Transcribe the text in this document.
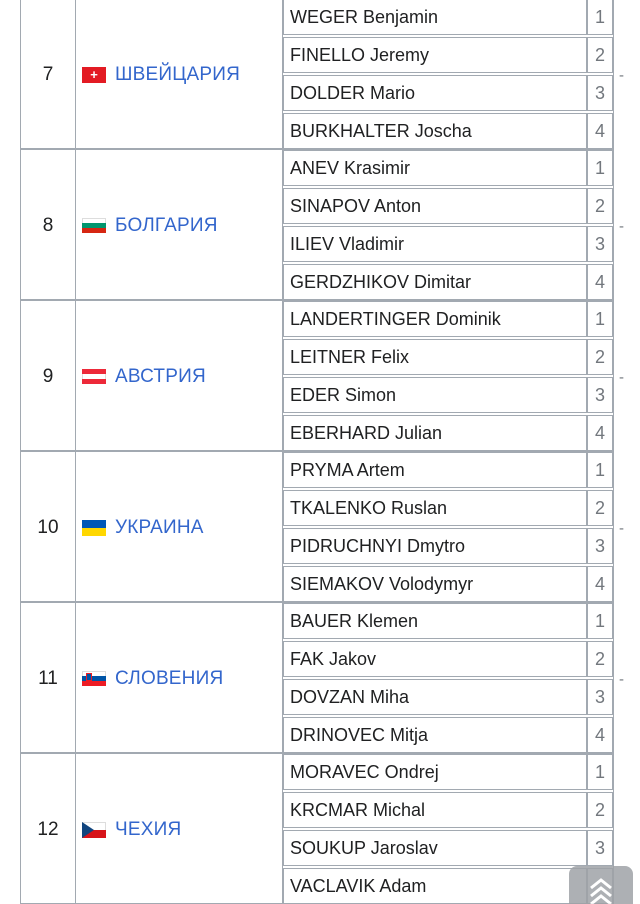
7	+ ШВЕЙЦАРИЯ
WEGER Benjamin	1
FINELLO Jeremy	2
DOLDER Mario	3
BURKHALTER Joscha	4
-
8	БОЛГАРИЯ
ANEV Krasimir	1
SINAPOV Anton	2
ILIEV Vladimir	3
GERDZHIKOV Dimitar	4
-
9	АВСТРИЯ
LANDERTINGER Dominik	1
LEITNER Felix	2
EDER Simon	3
EBERHARD Julian	4
-
10	УКРАИНА
PRYMA Artem	1
TKALENKO Ruslan	2
PIDRUCHNYI Dmytro	3
SIEMAKOV Volodymyr	4
-
11	СЛОВЕНИЯ
BAUER Klemen	1
FAK Jakov	2
DOVZAN Miha	3
DRINOVEC Mitja	4
-
12	ЧЕХИЯ
MORAVEC Ondrej	1
KRCMAR Michal	2
SOUKUP Jaroslav	3
VACLAVIK Adam
